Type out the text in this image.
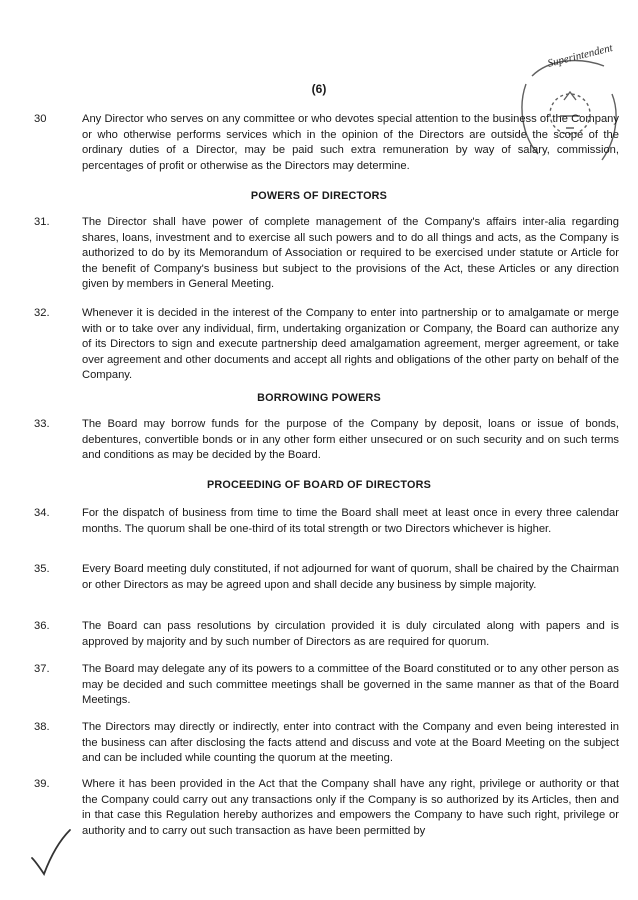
(6)
Superintendent
30	Any Director who serves on any committee or who devotes special attention to the business of the Company or who otherwise performs services which in the opinion of the Directors are outside the scope of the ordinary duties of a Director, may be paid such extra remuneration by way of salary, commission, percentages of profit or otherwise as the Directors may determine.
POWERS OF DIRECTORS
31.	The Director shall have power of complete management of the Company's affairs inter-alia regarding shares, loans, investment and to exercise all such powers and to do all things and acts, as the Company is authorized to do by its Memorandum of Association or required to be exercised under statute or Article for the benefit of Company's business but subject to the provisions of the Act, these Articles or any direction given by members in General Meeting.
32.	Whenever it is decided in the interest of the Company to enter into partnership or to amalgamate or merge with or to take over any individual, firm, undertaking organization or Company, the Board can authorize any of its Directors to sign and execute partnership deed amalgamation agreement, merger agreement, or take over agreement and other documents and accept all rights and obligations of the other party on behalf of the Company.
BORROWING POWERS
33.	The Board may borrow funds for the purpose of the Company by deposit, loans or issue of bonds, debentures, convertible bonds or in any other form either unsecured or on such security and on such terms and conditions as may be decided by the Board.
PROCEEDING OF BOARD OF DIRECTORS
34.	For the dispatch of business from time to time the Board shall meet at least once in every three calendar months. The quorum shall be one-third of its total strength or two Directors whichever is higher.
35.	Every Board meeting duly constituted, if not adjourned for want of quorum, shall be chaired by the Chairman or other Directors as may be agreed upon and shall decide any business by simple majority.
36.	The Board can pass resolutions by circulation provided it is duly circulated along with papers and is approved by majority and by such number of Directors as are required for quorum.
37.	The Board may delegate any of its powers to a committee of the Board constituted or to any other person as may be decided and such committee meetings shall be governed in the same manner as that of the Board Meetings.
38.	The Directors may directly or indirectly, enter into contract with the Company and even being interested in the business can after disclosing the facts attend and discuss and vote at the Board Meeting on the subject and can be included while counting the quorum at the meeting.
39.	Where it has been provided in the Act that the Company shall have any right, privilege or authority or that the Company could carry out any transactions only if the Company is so authorized by its Articles, then and in that case this Regulation hereby authorizes and empowers the Company to have such right, privilege or authority and to carry out such transaction as have been permitted by
